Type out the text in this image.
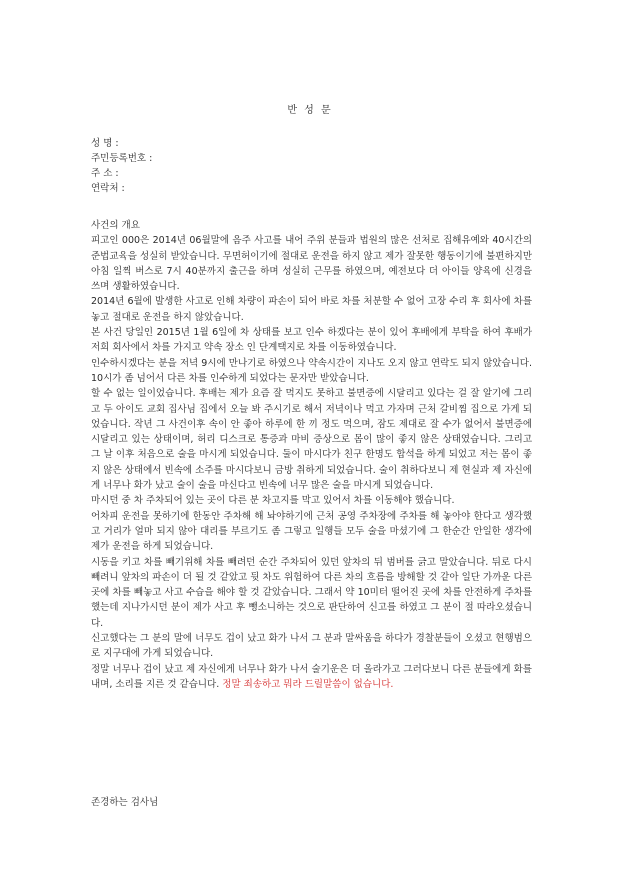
반 성 문
성 명 :
주민등록번호 :
주 소 :
연락처 :

사건의 개요

피고인 000은 2014년 06월말에 음주 사고를 내어 주위 분들과 법원의 많은 선처로 집해유예와 40시간의 준법교육을 성실히 받았습니다. 무면허이기에 절대로 운전을 하지 않고 제가 잘못한 행동이기에 불편하지만 아침 일찍 버스로 7시 40분까지 출근을 하며 성실히 근무를 하였으며, 예전보다 더 아이들 양육에 신경을 쓰며 생활하였습니다.

2014년 6월에 발생한 사고로 인해 차량이 파손이 되어 바로 차를 처분할 수 없어 고장 수리 후 회사에 차를 놓고 절대로 운전을 하지 않았습니다.

본 사건 당일인 2015년 1월 6일에 차 상태를 보고 인수 하겠다는 분이 있어 후배에게 부탁을 하여 후배가 저희 회사에서 차를 가지고 약속 장소 인 단계택지로 차를 이동하였습니다.

인수하시겠다는 분을 저녁 9시에 만나기로 하였으나 약속시간이 지나도 오지 않고 연락도 되지 않았습니다. 10시가 좀 넘어서 다른 차를 인수하게 되었다는 문자만 받았습니다.

할 수 없는 일이었습니다. 후배는 제가 요즘 잘 먹지도 못하고 불면증에 시달리고 있다는 걸 잘 알기에 그리고 두 아이도 교회 집사님 집에서 오늘 봐 주시기로 해서 저녁이나 먹고 가자며 근처 갈비찜 집으로 가게 되었습니다. 작년 그 사건이후 속이 안 좋아 하루에 한 끼 정도 먹으며, 잠도 제대로 잘 수가 없어서 불면증에 시달리고 있는 상태이며, 허리 디스크로 통증과 마비 증상으로 몸이 많이 좋지 않은 상태였습니다. 그리고 그 날 이후 처음으로 술을 마시게 되었습니다. 둘이 마시다가 친구 한명도 합석을 하게 되었고 저는 몸이 좋지 않은 상태에서 빈속에 소주를 마시다보니 금방 취하게 되었습니다. 술이 취하다보니 제 현실과 제 자신에게 너무나 화가 났고 술이 술을 마신다고 빈속에 너무 많은 술을 마시게 되었습니다.

마시던 중 차 주차되어 있는 곳이 다른 분 차고지를 막고 있어서 차를 이동해야 했습니다.

어차피 운전을 못하기에 한동안 주차해 해 놔야하기에 근처 공영 주차장에 주차를 해 놓아야 한다고 생각했고 거리가 얼마 되지 않아 대리를 부르기도 좀 그렇고 일행들 모두 술을 마셨기에 그 한순간 안일한 생각에 제가 운전을 하게 되었습니다.

시동을 키고 차를 빼기위해 차를 빼려던 순간 주차되어 있던 앞차의 뒤 범버를 긁고 말았습니다. 뒤로 다시 빼려니 앞차의 파손이 더 될 것 같았고 뒷 차도 위험하여 다른 차의 흐름을 방해할 것 같아 일단 가까운 다른 곳에 차를 빼놓고 사고 수습을 해야 할 것 같았습니다. 그래서 약 10미터 떨어진 곳에 차를 안전하게 주차를 했는데 지나가시던 분이 제가 사고 후 뺑소니하는 것으로 판단하여 신고를 하였고 그 분이 절 따라오셨습니다.

신고했다는 그 분의 말에 너무도 겁이 났고 화가 나서 그 분과 말싸움을 하다가 경찰분들이 오셨고 현행범으로 지구대에 가게 되었습니다.

정말 너무나 겁이 났고 제 자신에게 너무나 화가 나서 술기운은 더 올라가고 그러다보니 다른 분들에게 화를 내며, 소리를 지른 것 같습니다. 정말 죄송하고 뭐라 드릴말씀이 없습니다.

존경하는 검사님
